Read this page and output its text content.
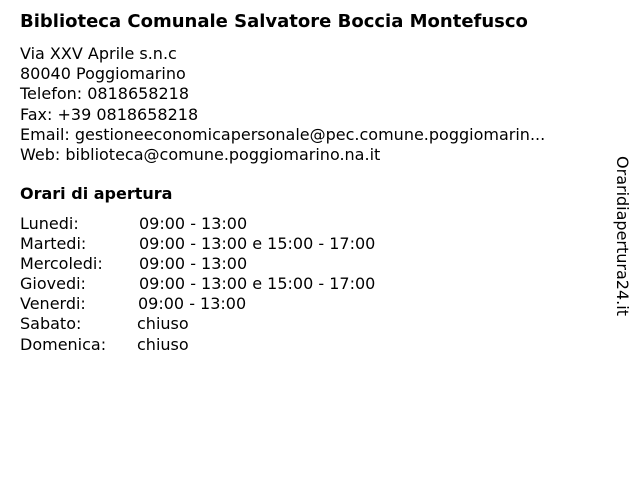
Biblioteca Comunale Salvatore Boccia Montefusco
Via XXV Aprile s.n.c
80040 Poggiomarino
Telefon: 0818658218
Fax: +39 0818658218
Email: gestioneeconomicapersonale@pec.comune.poggiomarin...
Web: biblioteca@comune.poggiomarino.na.it
Orari di apertura
Lunedi:	09:00 - 13:00
Martedi:	09:00 - 13:00 e 15:00 - 17:00
Mercoledi: 09:00 - 13:00
Giovedi:	09:00 - 13:00 e 15:00 - 17:00
Venerdi:	09:00 - 13:00
Sabato:	chiuso
Domenica: chiuso
Oraridiapertura24.it
